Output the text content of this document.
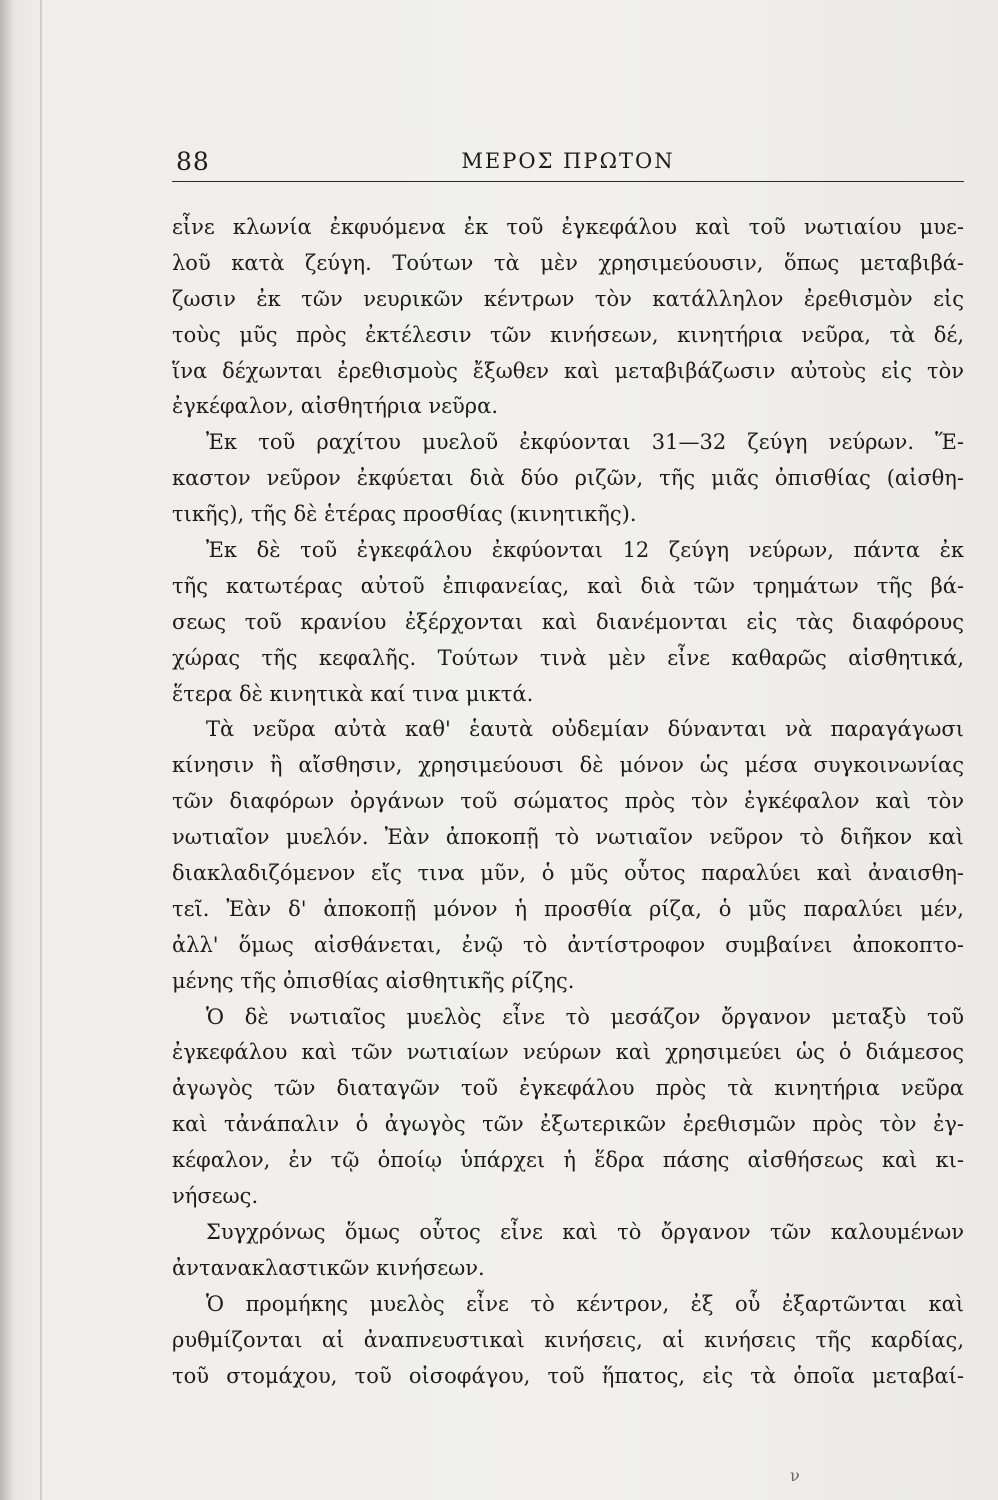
88	ΜΕΡΟΣ ΠΡΩΤΟΝ
εἶνε κλωνία ἐκφυόμενα ἐκ τοῦ ἐγκεφάλου καὶ τοῦ νωτιαίου μυε-
λοῦ κατὰ ζεύγη. Τούτων τὰ μὲν χρησιμεύουσιν, ὅπως μεταβιβά-
ζωσιν ἐκ τῶν νευρικῶν κέντρων τὸν κατάλληλον ἐρεθισμὸν εἰς
τοὺς μῦς πρὸς ἐκτέλεσιν τῶν κινήσεων, κινητήρια νεῦρα, τὰ δέ,
ἵνα δέχωνται ἐρεθισμοὺς ἔξωθεν καὶ μεταβιβάζωσιν αὐτοὺς εἰς τὸν
ἐγκέφαλον, αἰσθητήρια νεῦρα.
Ἐκ τοῦ ραχίτου μυελοῦ ἐκφύονται 31—32 ζεύγη νεύρων. Ἕ-
καστον νεῦρον ἐκφύεται διὰ δύο ριζῶν, τῆς μιᾶς ὀπισθίας (αἰσθη-
τικῆς), τῆς δὲ ἑτέρας προσθίας (κινητικῆς).
Ἐκ δὲ τοῦ ἐγκεφάλου ἐκφύονται 12 ζεύγη νεύρων, πάντα ἐκ
τῆς κατωτέρας αὐτοῦ ἐπιφανείας, καὶ διὰ τῶν τρημάτων τῆς βά-
σεως τοῦ κρανίου ἐξέρχονται καὶ διανέμονται εἰς τὰς διαφόρους
χώρας τῆς κεφαλῆς. Τούτων τινὰ μὲν εἶνε καθαρῶς αἰσθητικά,
ἕτερα δὲ κινητικὰ καί τινα μικτά.
Τὰ νεῦρα αὐτὰ καθ' ἑαυτὰ οὐδεμίαν δύνανται νὰ παραγάγωσι
κίνησιν ἢ αἴσθησιν, χρησιμεύουσι δὲ μόνον ὡς μέσα συγκοινωνίας
τῶν διαφόρων ὀργάνων τοῦ σώματος πρὸς τὸν ἐγκέφαλον καὶ τὸν
νωτιαῖον μυελόν. Ἐὰν ἀποκοπῇ τὸ νωτιαῖον νεῦρον τὸ διῆκον καὶ
διακλαδιζόμενον εἴς τινα μῦν, ὁ μῦς οὗτος παραλύει καὶ ἀναισθη-
τεῖ. Ἐὰν δ' ἀποκοπῇ μόνον ἡ προσθία ρίζα, ὁ μῦς παραλύει μέν,
ἀλλ' ὅμως αἰσθάνεται, ἐνῷ τὸ ἀντίστροφον συμβαίνει ἀποκοπτο-
μένης τῆς ὀπισθίας αἰσθητικῆς ρίζης.
Ὁ δὲ νωτιαῖος μυελὸς εἶνε τὸ μεσάζον ὄργανον μεταξὺ τοῦ
ἐγκεφάλου καὶ τῶν νωτιαίων νεύρων καὶ χρησιμεύει ὡς ὁ διάμεσος
ἀγωγὸς τῶν διαταγῶν τοῦ ἐγκεφάλου πρὸς τὰ κινητήρια νεῦρα
καὶ τἀνάπαλιν ὁ ἀγωγὸς τῶν ἐξωτερικῶν ἐρεθισμῶν πρὸς τὸν ἐγ-
κέφαλον, ἐν τῷ ὁποίῳ ὑπάρχει ἡ ἕδρα πάσης αἰσθήσεως καὶ κι-
νήσεως.
Συγχρόνως ὅμως οὗτος εἶνε καὶ τὸ ὄργανον τῶν καλουμένων
ἀντανακλαστικῶν κινήσεων.
Ὁ προμήκης μυελὸς εἶνε τὸ κέντρον, ἐξ οὗ ἐξαρτῶνται καὶ
ρυθμίζονται αἱ ἀναπνευστικαὶ κινήσεις, αἱ κινήσεις τῆς καρδίας,
τοῦ στομάχου, τοῦ οἰσοφάγου, τοῦ ἥπατος, εἰς τὰ ὁποῖα μεταβαί-
ν
